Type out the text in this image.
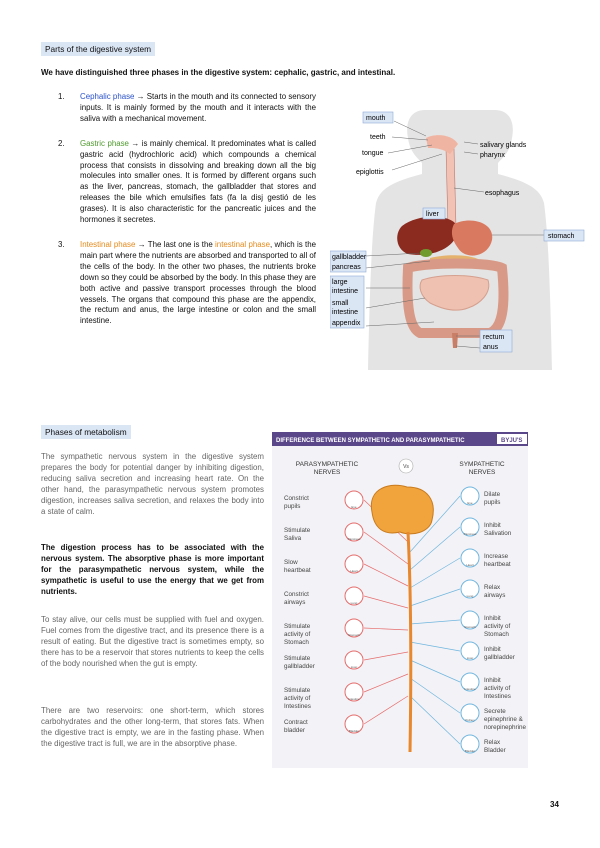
Parts of the digestive system
We have distinguished three phases in the digestive system: cephalic, gastric, and intestinal.
1. Cephalic phase → Starts in the mouth and its connected to sensory inputs. It is mainly formed by the mouth and it interacts with the saliva with a mechanical movement.
2. Gastric phase → is mainly chemical. It predominates what is called gastric acid (hydrochloric acid) which compounds a chemical process that consists in dissolving and breaking down all the big molecules into smaller ones. It is formed by different organs such as the liver, pancreas, stomach, the gallbladder that stores and releases the bile which emulsifies fats (fa la disj gestió de les grases). It is also characteristic for the pancreatic juices and the hormones it secretes.
3. Intestinal phase → The last one is the intestinal phase, which is the main part where the nutrients are absorbed and transported to all of the cells of the body. In the other two phases, the nutrients broke down so they could be absorbed by the body. In this phase they are both active and passive transport processes through the blood vessels. The organs that compound this phase are the appendix, the rectum and anus, the large intestine or colon and the small intestine.
mouth
teeth
tongue
epiglottis
salivary glands
pharynx
esophagus
liver
stomach
gallbladder
pancreas
large
intestine
small
intestine
appendix
rectum
anus
Phases of metabolism
The sympathetic nervous system in the digestive system prepares the body for potential danger by inhibiting digestion, reducing saliva secretion and increasing heart rate. On the other hand, the parasympathetic nervous system promotes digestion, increases saliva secretion, and relaxes the body into a state of calm.
The digestion process has to be associated with the nervous system. The absorptive phase is more important for the parasympathetic nervous system, while the sympathetic is useful to use the energy that we get from nutrients.
To stay alive, our cells must be supplied with fuel and oxygen. Fuel comes from the digestive tract, and its presence there is a result of eating. But the digestive tract is sometimes empty, so there has to be a reservoir that stores nutrients to keep the cells of the body nourished when the gut is empty.
There are two reservoirs: one short-term, which stores carbohydrates and the other long-term, that stores fats. When the digestive tract is empty, we are in the fasting phase. When the digestive tract is full, we are in the absorptive phase.
DIFFERENCE BETWEEN SYMPATHETIC AND PARASYMPATHETIC	BYJU'S
PARASYMPATHETIC
NERVES
Vs	SYMPATHETIC
NERVES
Constrict
pupils	Eye
Stimulate
Saliva	Pancreas
Slow
heartbeat	Heart
Constrict
airways	Lung
Stimulate
activity of
Stomach
Stomach
Stimulate
gallbladder	Liver
Stimulate
activity of
Intestines
Intestine
Contract
bladder	Bladder
Dilate
pupils
Eye
Inhibit
Salivation
Pancreas
Increase
heartbeat
Heart
Relax
airways
Lung
Inhibit
activity of
Stomach
Stomach
Inhibit
gallbladder
Liver
Inhibit
activity of
Intestines
Intestine
Secrete
epinephrine &
norepinephrine
Kidney
Relax
Bladder
Bladder
34
